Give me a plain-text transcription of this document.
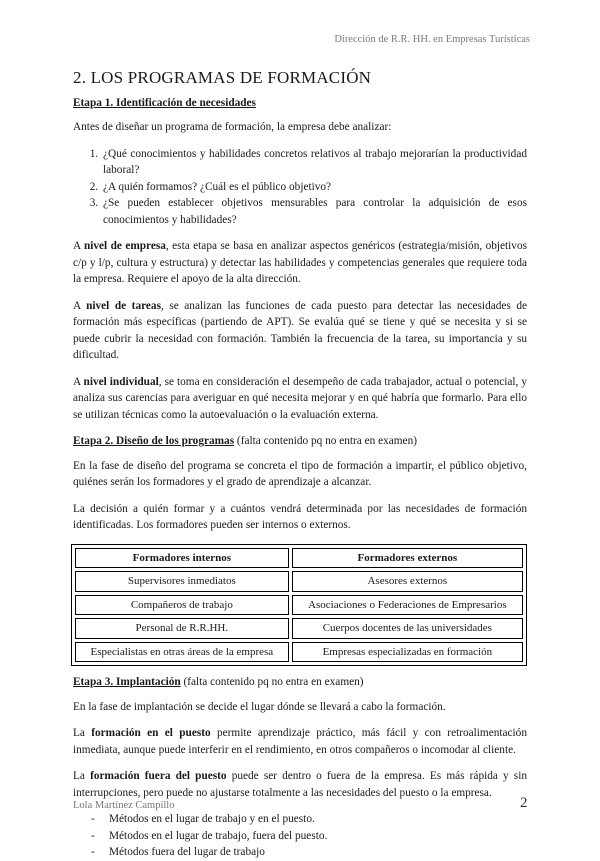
Dirección de R.R. HH. en Empresas Turísticas
2. LOS PROGRAMAS DE FORMACIÓN
Etapa 1. Identificación de necesidades

Antes de diseñar un programa de formación, la empresa debe analizar:

1. ¿Qué conocimientos y habilidades concretos relativos al trabajo mejorarían la productividad laboral?
2. ¿A quién formamos? ¿Cuál es el público objetivo?
3. ¿Se pueden establecer objetivos mensurables para controlar la adquisición de esos conocimientos y habilidades?

A nivel de empresa, esta etapa se basa en analizar aspectos genéricos (estrategia/misión, objetivos c/p y l/p, cultura y estructura) y detectar las habilidades y competencias generales que requiere toda la empresa. Requiere el apoyo de la alta dirección.

A nivel de tareas, se analizan las funciones de cada puesto para detectar las necesidades de formación más específicas (partiendo de APT). Se evalúa qué se tiene y qué se necesita y si se puede cubrir la necesidad con formación. También la frecuencia de la tarea, su importancia y su dificultad.

A nivel individual, se toma en consideración el desempeño de cada trabajador, actual o potencial, y analiza sus carencias para averiguar en qué necesita mejorar y en qué habría que formarlo. Para ello se utilizan técnicas como la autoevaluación o la evaluación externa.

Etapa 2. Diseño de los programas (falta contenido pq no entra en examen)

En la fase de diseño del programa se concreta el tipo de formación a impartir, el público objetivo, quiénes serán los formadores y el grado de aprendizaje a alcanzar.

La decisión a quién formar y a cuántos vendrá determinada por las necesidades de formación identificadas. Los formadores pueden ser internos o externos.

Formadores internos	Formadores externos
Supervisores inmediatos	Asesores externos
Compañeros de trabajo	Asociaciones o Federaciones de Empresarios
Personal de R.R.HH.	Cuerpos docentes de las universidades
Especialistas en otras áreas de la empresa	Empresas especializadas en formación
Etapa 3. Implantación (falta contenido pq no entra en examen)

En la fase de implantación se decide el lugar dónde se llevará a cabo la formación.

La formación en el puesto permite aprendizaje práctico, más fácil y con retroalimentación inmediata, aunque puede interferir en el rendimiento, en otros compañeros o incomodar al cliente.

La formación fuera del puesto puede ser dentro o fuera de la empresa. Es más rápida y sin interrupciones, pero puede no ajustarse totalmente a las necesidades del puesto o la empresa.

- Métodos en el lugar de trabajo y en el puesto.
- Métodos en el lugar de trabajo, fuera del puesto.
- Métodos fuera del lugar de trabajo
Lola Martínez Campillo	2
